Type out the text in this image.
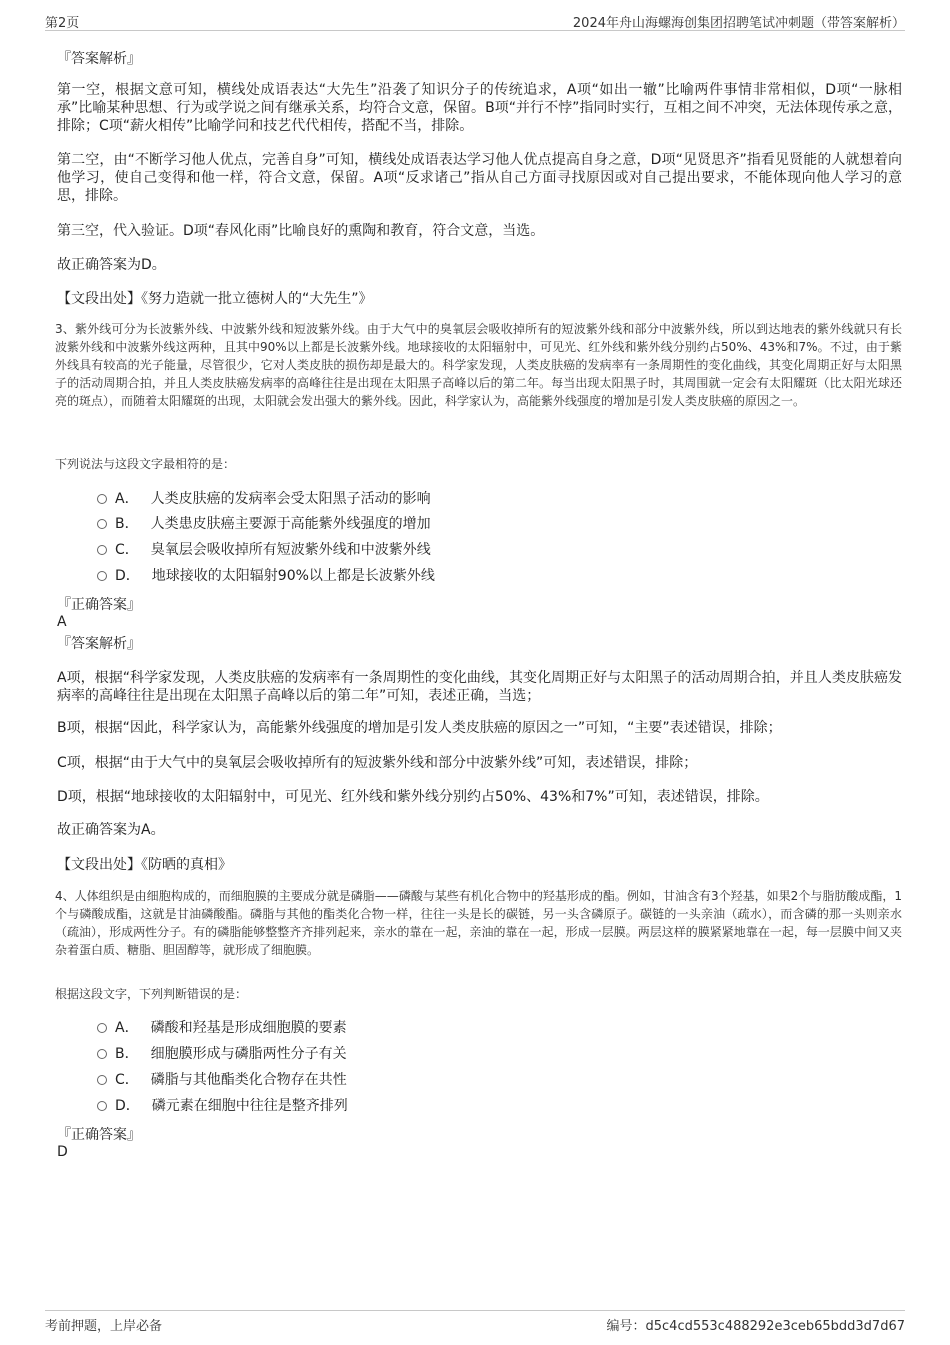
第2页	2024年舟山海螺海创集团招聘笔试冲刺题（带答案解析）

『答案解析』

第一空，根据文意可知，横线处成语表达“大先生”沿袭了知识分子的传统追求，A项“如出一辙”比喻两件事情非常相似，D项“一脉相承”比喻某种思想、行为或学说之间有继承关系，均符合文意，保留。B项“并行不悖”指同时实行，互相之间不冲突，无法体现传承之意，排除；C项“薪火相传”比喻学问和技艺代代相传，搭配不当，排除。

第二空，由“不断学习他人优点，完善自身”可知，横线处成语表达学习他人优点提高自身之意，D项“见贤思齐”指看见贤能的人就想着向他学习，使自己变得和他一样，符合文意，保留。A项“反求诸己”指从自己方面寻找原因或对自己提出要求，不能体现向他人学习的意思，排除。

第三空，代入验证。D项“春风化雨”比喻良好的熏陶和教育，符合文意，当选。

故正确答案为D。

【文段出处】《努力造就一批立德树人的“大先生”》

3、紫外线可分为长波紫外线、中波紫外线和短波紫外线。由于大气中的臭氧层会吸收掉所有的短波紫外线和部分中波紫外线，所以到达地表的紫外线就只有长波紫外线和中波紫外线这两种，且其中90%以上都是长波紫外线。地球接收的太阳辐射中，可见光、红外线和紫外线分别约占50%、43%和7%。不过，由于紫外线具有较高的光子能量，尽管很少，它对人类皮肤的损伤却是最大的。科学家发现，人类皮肤癌的发病率有一条周期性的变化曲线，其变化周期正好与太阳黑子的活动周期合拍，并且人类皮肤癌发病率的高峰往往是出现在太阳黑子高峰以后的第二年。每当出现太阳黑子时，其周围就一定会有太阳耀斑（比太阳光球还亮的斑点），而随着太阳耀斑的出现，太阳就会发出强大的紫外线。因此，科学家认为，高能紫外线强度的增加是引发人类皮肤癌的原因之一。

下列说法与这段文字最相符的是：

A． 人类皮肤癌的发病率会受太阳黑子活动的影响
B． 人类患皮肤癌主要源于高能紫外线强度的增加
C． 臭氧层会吸收掉所有短波紫外线和中波紫外线
D． 地球接收的太阳辐射90%以上都是长波紫外线

『正确答案』

A

『答案解析』

A项，根据“科学家发现，人类皮肤癌的发病率有一条周期性的变化曲线，其变化周期正好与太阳黑子的活动周期合拍，并且人类皮肤癌发病率的高峰往往是出现在太阳黑子高峰以后的第二年”可知，表述正确，当选；

B项，根据“因此，科学家认为，高能紫外线强度的增加是引发人类皮肤癌的原因之一”可知，“主要”表述错误，排除；

C项，根据“由于大气中的臭氧层会吸收掉所有的短波紫外线和部分中波紫外线”可知，表述错误，排除；

D项，根据“地球接收的太阳辐射中，可见光、红外线和紫外线分别约占50%、43%和7%”可知，表述错误，排除。

故正确答案为A。

【文段出处】《防晒的真相》

4、人体组织是由细胞构成的，而细胞膜的主要成分就是磷脂——磷酸与某些有机化合物中的羟基形成的酯。例如，甘油含有3个羟基，如果2个与脂肪酸成酯，1个与磷酸成酯，这就是甘油磷酸酯。磷脂与其他的酯类化合物一样，往往一头是长的碳链，另一头含磷原子。碳链的一头亲油（疏水），而含磷的那一头则亲水（疏油），形成两性分子。有的磷脂能够整整齐齐排列起来，亲水的靠在一起，亲油的靠在一起，形成一层膜。两层这样的膜紧紧地靠在一起，每一层膜中间又夹杂着蛋白质、糖脂、胆固醇等，就形成了细胞膜。

根据这段文字，下列判断错误的是：

A． 磷酸和羟基是形成细胞膜的要素
B． 细胞膜形成与磷脂两性分子有关
C． 磷脂与其他酯类化合物存在共性
D． 磷元素在细胞中往往是整齐排列

『正确答案』

D

考前押题，上岸必备	编号：d5c4cd553c488292e3ceb65bdd3d7d67
